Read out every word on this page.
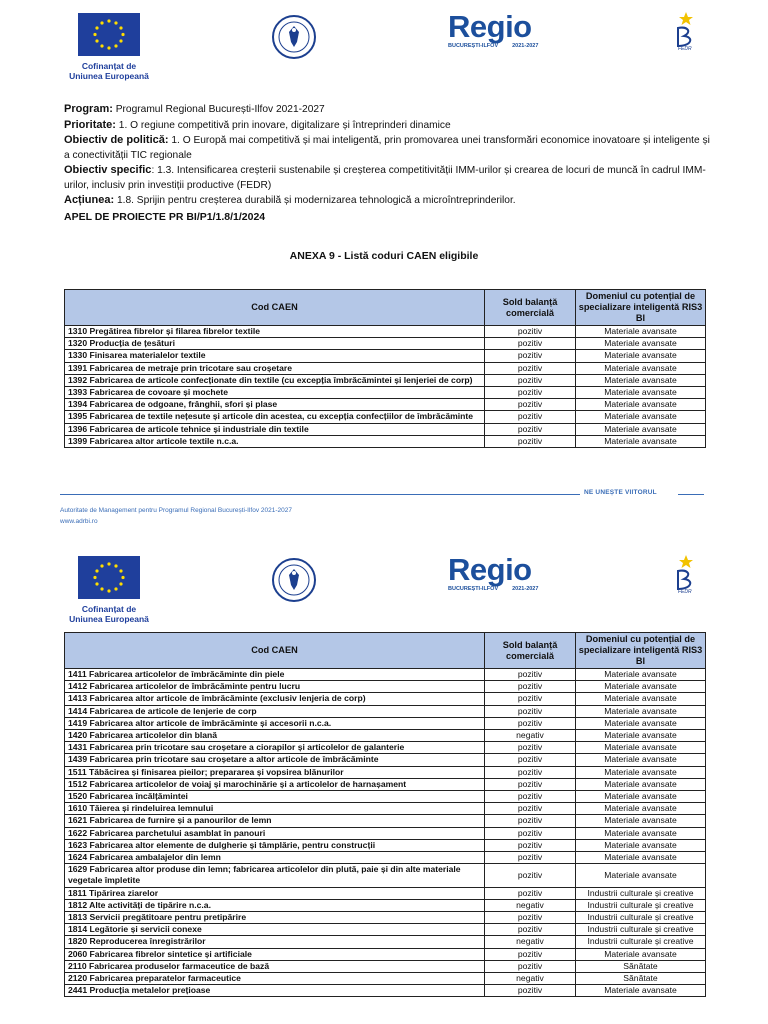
Cofinanțat de
Uniunea Europeană
Regio
BUCUREȘTI-ILFOV	2021-2027	FEDR

Program: Programul Regional București-Ilfov 2021-2027

Prioritate: 1. O regiune competitivă prin inovare, digitalizare și întreprinderi dinamice

Obiectiv de politică: 1. O Europă mai competitivă și mai inteligentă, prin promovarea unei transformări economice inovatoare și inteligente și a conectivității TIC regionale

Obiectiv specific: 1.3. Intensificarea creșterii sustenabile și creșterea competitivității IMM-urilor și crearea de locuri de muncă în cadrul IMM-urilor, inclusiv prin investiții productive (FEDR)

Acțiunea: 1.8. Sprijin pentru creșterea durabilă și modernizarea tehnologică a microîntreprinderilor.

APEL DE PROIECTE PR BI/P1/1.8/1/2024
ANEXA 9 - Listă coduri CAEN eligibile
Cod CAEN	Sold balanță comercială	Domeniul cu potențial de specializare inteligentă RIS3 BI
1310 Pregătirea fibrelor și filarea fibrelor textile	pozitiv	Materiale avansate
1320 Producția de țesături	pozitiv	Materiale avansate
1330 Finisarea materialelor textile	pozitiv	Materiale avansate
1391 Fabricarea de metraje prin tricotare sau croșetare	pozitiv	Materiale avansate
1392 Fabricarea de articole confecționate din textile (cu excepția îmbrăcămintei și lenjeriei de corp)	pozitiv	Materiale avansate
1393 Fabricarea de covoare și mochete	pozitiv	Materiale avansate
1394 Fabricarea de odgoane, frânghii, sfori și plase	pozitiv	Materiale avansate
1395 Fabricarea de textile nețesute și articole din acestea, cu excepția confecțiilor de îmbrăcăminte	pozitiv	Materiale avansate
1396 Fabricarea de articole tehnice și industriale din textile	pozitiv	Materiale avansate
1399 Fabricarea altor articole textile n.c.a.	pozitiv	Materiale avansate
NE UNEȘTE VIITORUL
Autoritate de Management pentru Programul Regional București-Ilfov 2021-2027
www.adrbi.ro
Cofinanțat de
Uniunea Europeană
Regio
BUCUREȘTI-ILFOV	2021-2027	FEDR
Cod CAEN	Sold balanță comercială	Domeniul cu potențial de specializare inteligentă RIS3 BI
1411 Fabricarea articolelor de îmbrăcăminte din piele	pozitiv	Materiale avansate
1412 Fabricarea articolelor de îmbrăcăminte pentru lucru	pozitiv	Materiale avansate
1413 Fabricarea altor articole de îmbrăcăminte (exclusiv lenjeria de corp)	pozitiv	Materiale avansate
1414 Fabricarea de articole de lenjerie de corp	pozitiv	Materiale avansate
1419 Fabricarea altor articole de îmbrăcăminte și accesorii n.c.a.	pozitiv	Materiale avansate
1420 Fabricarea articolelor din blană	negativ	Materiale avansate
1431 Fabricarea prin tricotare sau croșetare a ciorapilor și articolelor de galanterie	pozitiv	Materiale avansate
1439 Fabricarea prin tricotare sau croșetare a altor articole de îmbrăcăminte	pozitiv	Materiale avansate
1511 Tăbăcirea și finisarea pieilor; prepararea și vopsirea blănurilor	pozitiv	Materiale avansate
1512 Fabricarea articolelor de voiaj și marochinărie și a articolelor de harnașament	pozitiv	Materiale avansate
1520 Fabricarea încălțămintei	pozitiv	Materiale avansate
1610 Tăierea și rindeluirea lemnului	pozitiv	Materiale avansate
1621 Fabricarea de furnire și a panourilor de lemn	pozitiv	Materiale avansate
1622 Fabricarea parchetului asamblat în panouri	pozitiv	Materiale avansate
1623 Fabricarea altor elemente de dulgherie și tâmplărie, pentru construcții	pozitiv	Materiale avansate
1624 Fabricarea ambalajelor din lemn	pozitiv	Materiale avansate
1629 Fabricarea altor produse din lemn; fabricarea articolelor din plută, paie și din alte materiale vegetale împletite	pozitiv	Materiale avansate
1811 Tipărirea ziarelor	pozitiv	Industrii culturale și creative
1812 Alte activități de tipărire n.c.a.	negativ	Industrii culturale și creative
1813 Servicii pregătitoare pentru pretipărire	pozitiv	Industrii culturale și creative
1814 Legătorie și servicii conexe	pozitiv	Industrii culturale și creative
1820 Reproducerea înregistrărilor	negativ	Industrii culturale și creative
2060 Fabricarea fibrelor sintetice și artificiale	pozitiv	Materiale avansate
2110 Fabricarea produselor farmaceutice de bază	pozitiv	Sănătate
2120 Fabricarea preparatelor farmaceutice	negativ	Sănătate
2441 Producția metalelor prețioase	pozitiv	Materiale avansate
